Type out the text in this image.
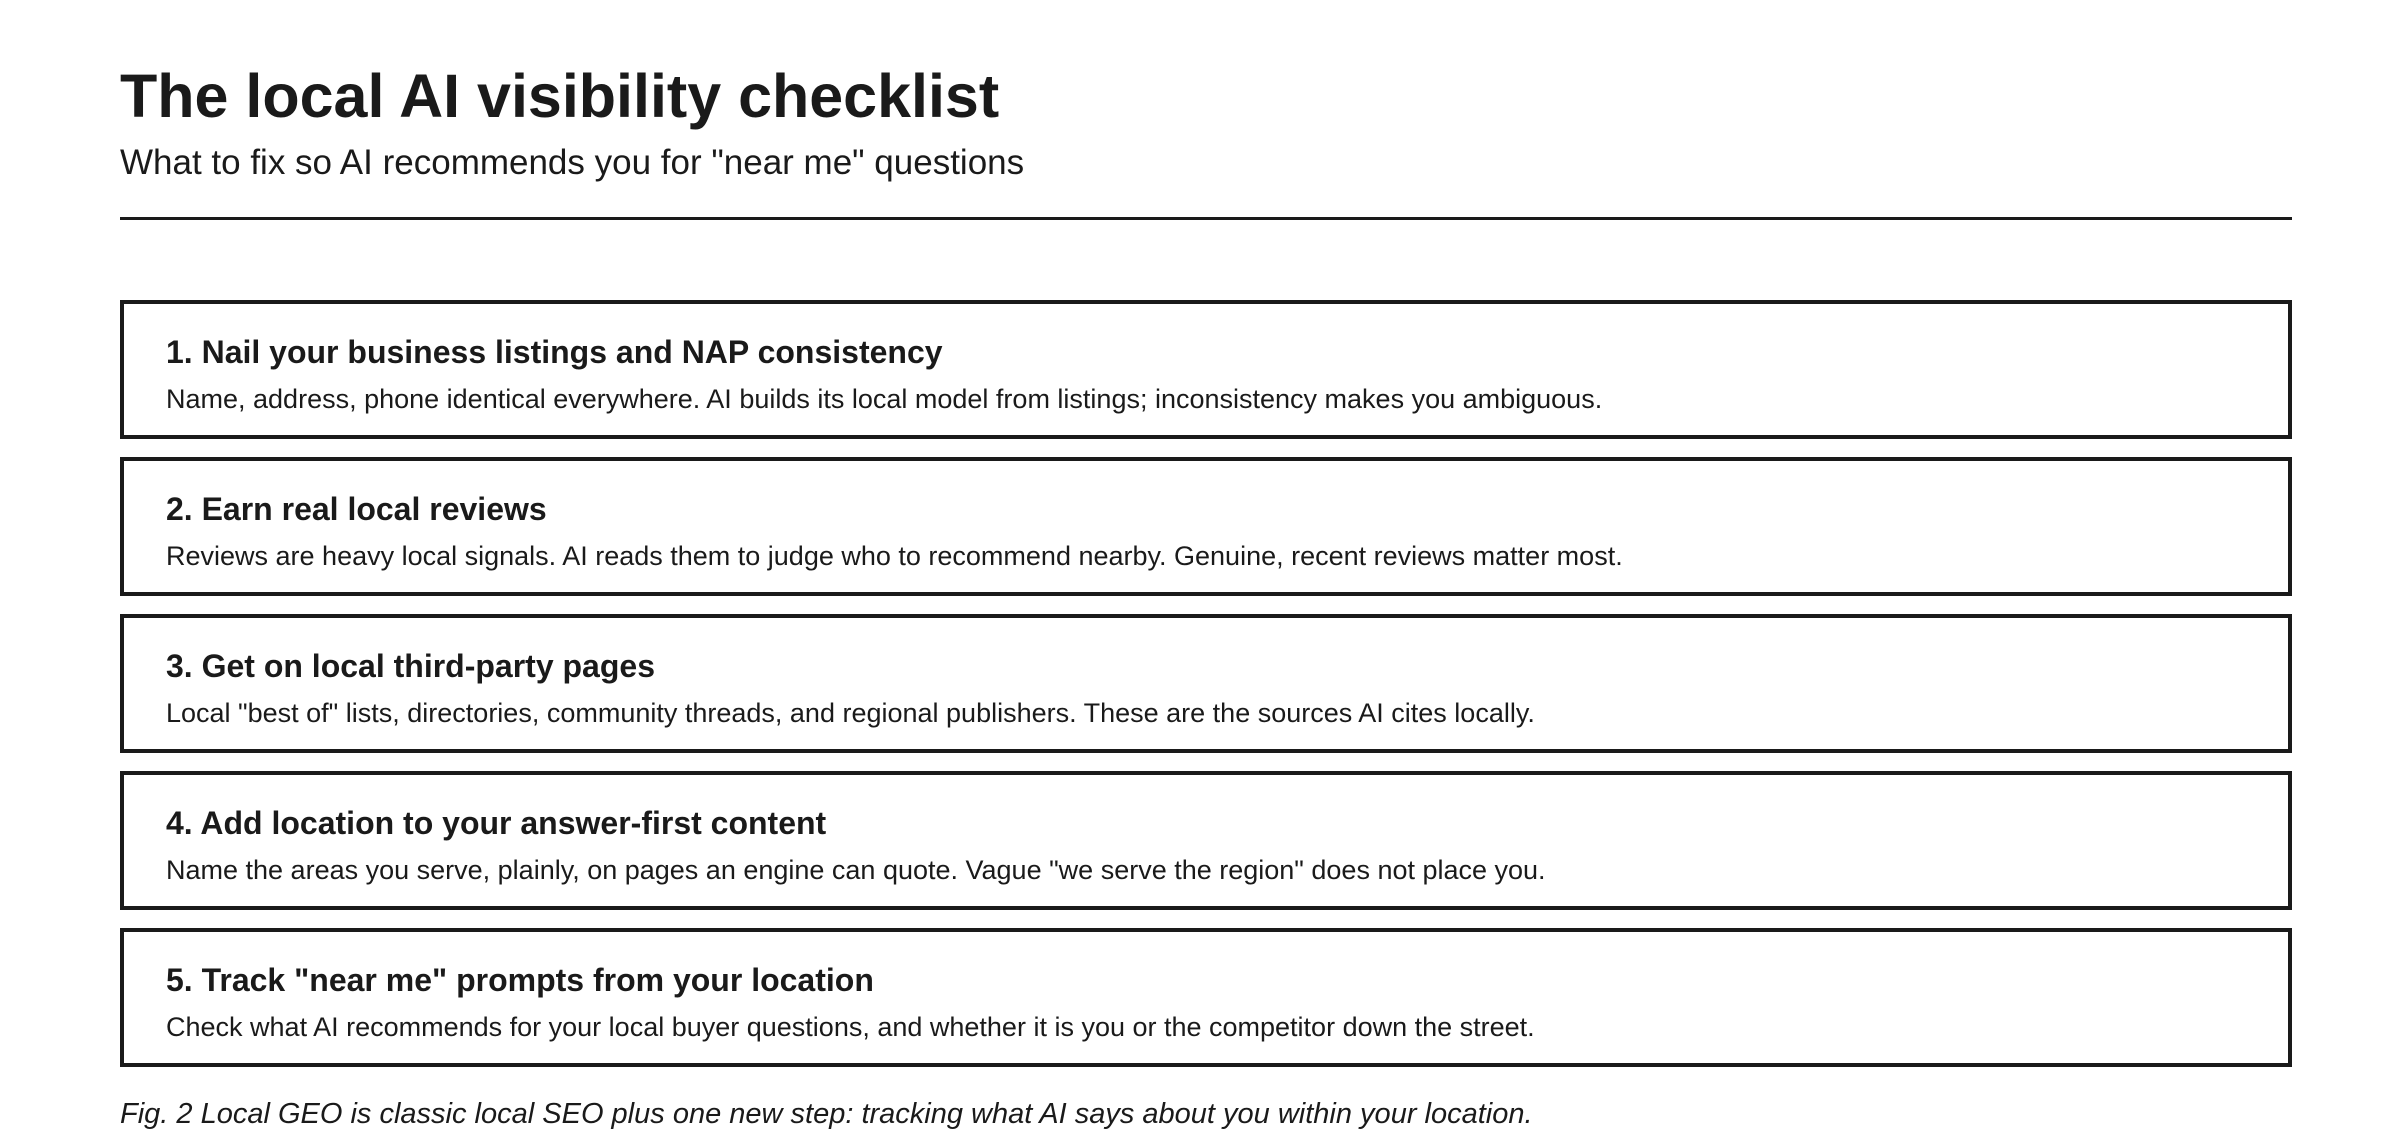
The local AI visibility checklist

What to fix so AI recommends you for "near me" questions

1. Nail your business listings and NAP consistency

Name, address, phone identical everywhere. AI builds its local model from listings; inconsistency makes you ambiguous.

2. Earn real local reviews

Reviews are heavy local signals. AI reads them to judge who to recommend nearby. Genuine, recent reviews matter most.

3. Get on local third-party pages

Local "best of" lists, directories, community threads, and regional publishers. These are the sources AI cites locally.

4. Add location to your answer-first content

Name the areas you serve, plainly, on pages an engine can quote. Vague "we serve the region" does not place you.

5. Track "near me" prompts from your location

Check what AI recommends for your local buyer questions, and whether it is you or the competitor down the street.

Fig. 2 Local GEO is classic local SEO plus one new step: tracking what AI says about you within your location.
